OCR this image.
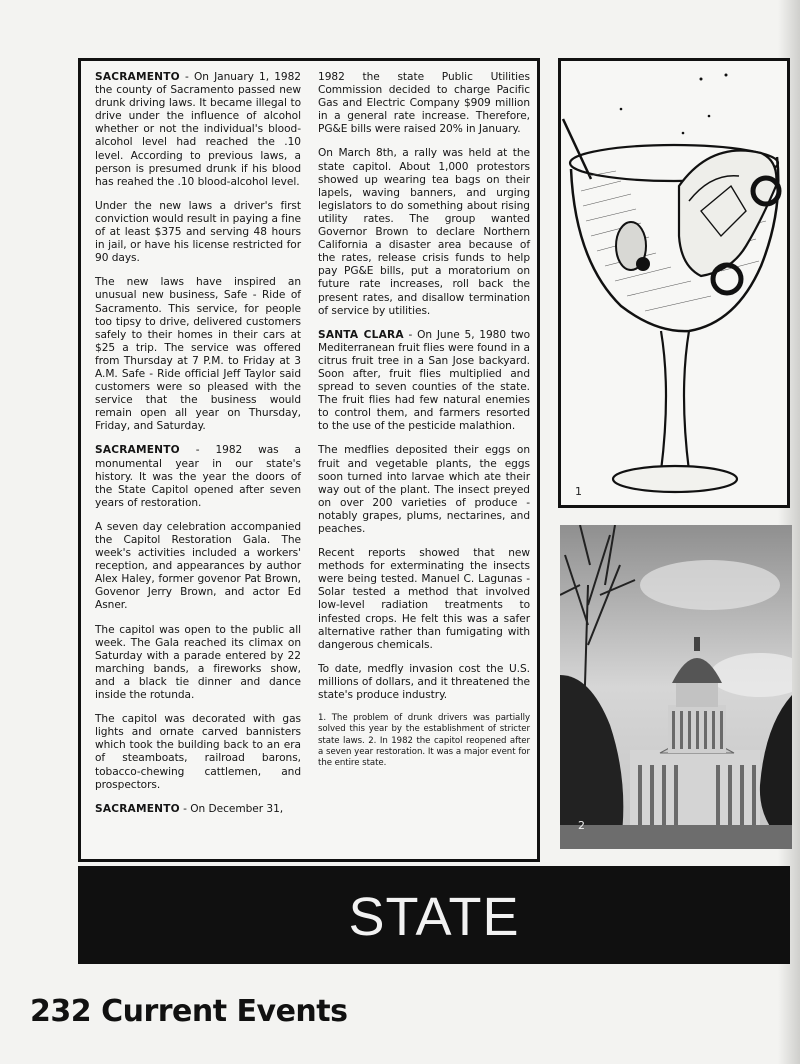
SACRAMENTO - On January 1, 1982 the county of Sacramento passed new drunk driving laws. It became illegal to drive under the influence of alcohol whether or not the individual's blood-alcohol level had reached the .10 level. According to previous laws, a person is presumed drunk if his blood has reahed the .10 blood-alcohol level.

Under the new laws a driver's first conviction would result in paying a fine of at least $375 and serving 48 hours in jail, or have his license restricted for 90 days.

The new laws have inspired an unusual new business, Safe - Ride of Sacramento. This service, for people too tipsy to drive, delivered customers safely to their homes in their cars at $25 a trip. The service was offered from Thursday at 7 P.M. to Friday at 3 A.M. Safe - Ride official Jeff Taylor said customers were so pleased with the service that the business would remain open all year on Thursday, Friday, and Saturday.

SACRAMENTO - 1982 was a monumental year in our state's history. It was the year the doors of the State Capitol opened after seven years of restoration.

A seven day celebration accompanied the Capitol Restoration Gala. The week's activities included a workers' reception, and appearances by author Alex Haley, former govenor Pat Brown, Govenor Jerry Brown, and actor Ed Asner.

The capitol was open to the public all week. The Gala reached its climax on Saturday with a parade entered by 22 marching bands, a fireworks show, and a black tie dinner and dance inside the rotunda.

The capitol was decorated with gas lights and ornate carved bannisters which took the building back to an era of steamboats, railroad barons, tobacco-chewing cattlemen, and prospectors.

SACRAMENTO - On December 31,

1982 the state Public Utilities Commission decided to charge Pacific Gas and Electric Company $909 million in a general rate increase. Therefore, PG&E bills were raised 20% in January.

On March 8th, a rally was held at the state capitol. About 1,000 protestors showed up wearing tea bags on their lapels, waving banners, and urging legislators to do something about rising utility rates. The group wanted Governor Brown to declare Northern California a disaster area because of the rates, release crisis funds to help pay PG&E bills, put a moratorium on future rate increases, roll back the present rates, and disallow termination of service by utilities.

SANTA CLARA - On June 5, 1980 two Mediterranean fruit flies were found in a citrus fruit tree in a San Jose backyard. Soon after, fruit flies multiplied and spread to seven counties of the state. The fruit flies had few natural enemies to control them, and farmers resorted to the use of the pesticide malathion.

The medflies deposited their eggs on fruit and vegetable plants, the eggs soon turned into larvae which ate their way out of the plant. The insect preyed on over 200 varieties of produce - notably grapes, plums, nectarines, and peaches.

Recent reports showed that new methods for exterminating the insects were being tested. Manuel C. Lagunas - Solar tested a method that involved low-level radiation treatments to infested crops. He felt this was a safer alternative rather than fumigating with dangerous chemicals.

To date, medfly invasion cost the U.S. millions of dollars, and it threatened the state's produce industry.

1. The problem of drunk drivers was partially solved this year by the establishment of stricter state laws. 2. In 1982 the capitol reopened after a seven year restoration. It was a major event for the entire state.
1
2
STATE
232 Current Events
